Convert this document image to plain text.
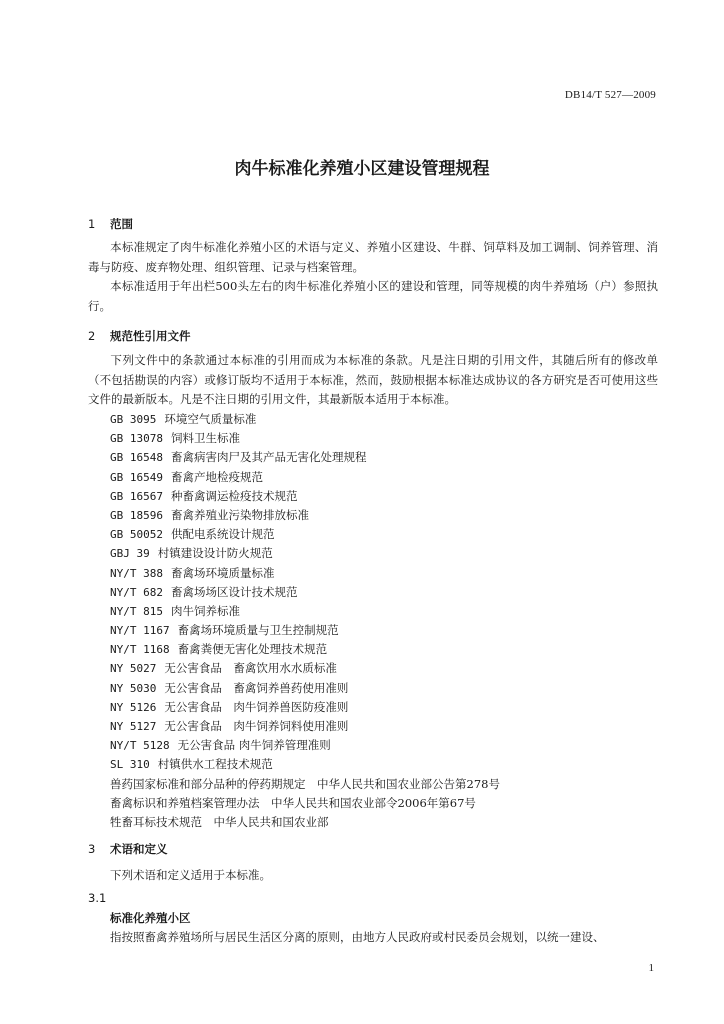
DB14/T 527—2009
肉牛标准化养殖小区建设管理规程
1 范围
本标准规定了肉牛标准化养殖小区的术语与定义、养殖小区建设、牛群、饲草料及加工调制、饲养管理、消毒与防疫、废弃物处理、组织管理、记录与档案管理。
本标准适用于年出栏500头左右的肉牛标准化养殖小区的建设和管理，同等规模的肉牛养殖场（户）参照执行。
2 规范性引用文件
下列文件中的条款通过本标准的引用而成为本标准的条款。凡是注日期的引用文件，其随后所有的修改单（不包括勘误的内容）或修订版均不适用于本标准，然而，鼓励根据本标准达成协议的各方研究是否可使用这些文件的最新版本。凡是不注日期的引用文件，其最新版本适用于本标准。
GB 3095 环境空气质量标准
GB 13078 饲料卫生标准
GB 16548 畜禽病害肉尸及其产品无害化处理规程
GB 16549 畜禽产地检疫规范
GB 16567 种畜禽调运检疫技术规范
GB 18596 畜禽养殖业污染物排放标准
GB 50052 供配电系统设计规范
GBJ 39 村镇建设设计防火规范
NY/T 388 畜禽场环境质量标准
NY/T 682 畜禽场场区设计技术规范
NY/T 815 肉牛饲养标准
NY/T 1167 畜禽场环境质量与卫生控制规范
NY/T 1168 畜禽粪便无害化处理技术规范
NY 5027 无公害食品　畜禽饮用水水质标准
NY 5030 无公害食品　畜禽饲养兽药使用准则
NY 5126 无公害食品　肉牛饲养兽医防疫准则
NY 5127 无公害食品　肉牛饲养饲料使用准则
NY/T 5128 无公害食品 肉牛饲养管理准则
SL 310 村镇供水工程技术规范
兽药国家标准和部分品种的停药期规定　中华人民共和国农业部公告第278号
畜禽标识和养殖档案管理办法　中华人民共和国农业部令2006年第67号
牲畜耳标技术规范　中华人民共和国农业部
3 术语和定义
下列术语和定义适用于本标准。
3.1
标准化养殖小区
指按照畜禽养殖场所与居民生活区分离的原则，由地方人民政府或村民委员会规划，以统一建设、
1
